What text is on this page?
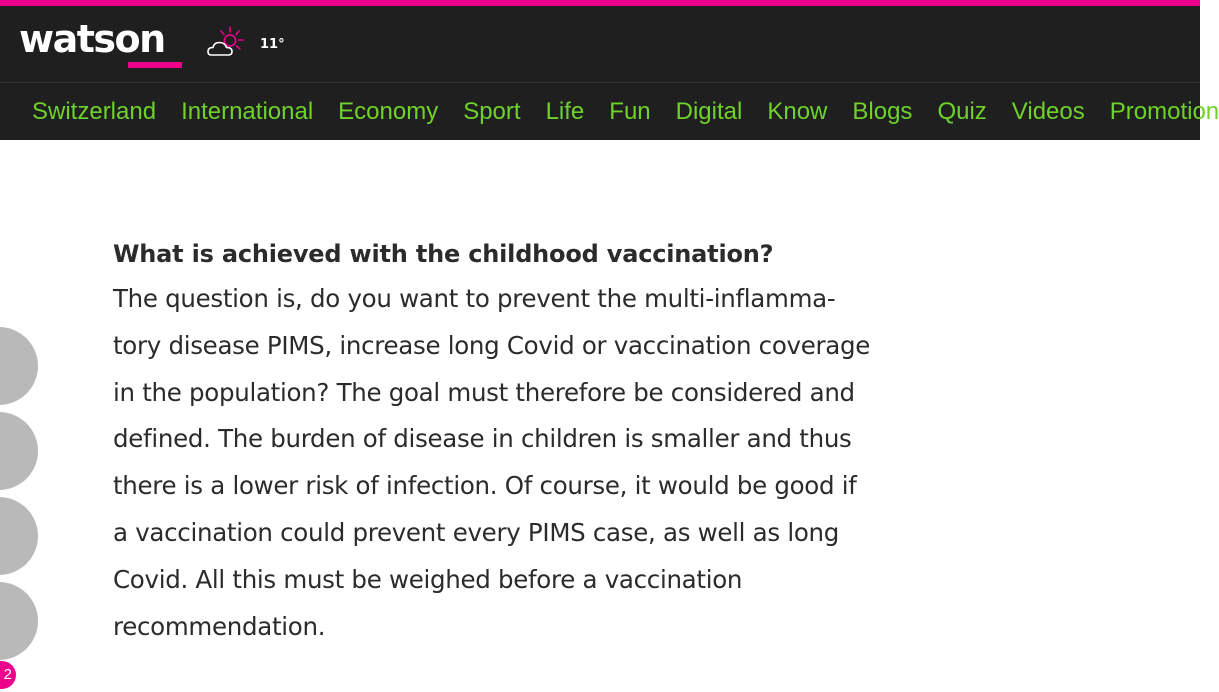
watson	11°
Switzerland International Economy Sport Life Fun Digital Know Blogs Quiz Videos Promotion
2
What is achieved with the childhood vaccination?

The question is, do you want to prevent the multi-inflamma-
tory disease PIMS, increase long Covid or vaccination coverage
in the population? The goal must therefore be considered and
defined. The burden of disease in children is smaller and thus
there is a lower risk of infection. Of course, it would be good if
a vaccination could prevent every PIMS case, as well as long
Covid. All this must be weighed before a vaccination
recommendation.
